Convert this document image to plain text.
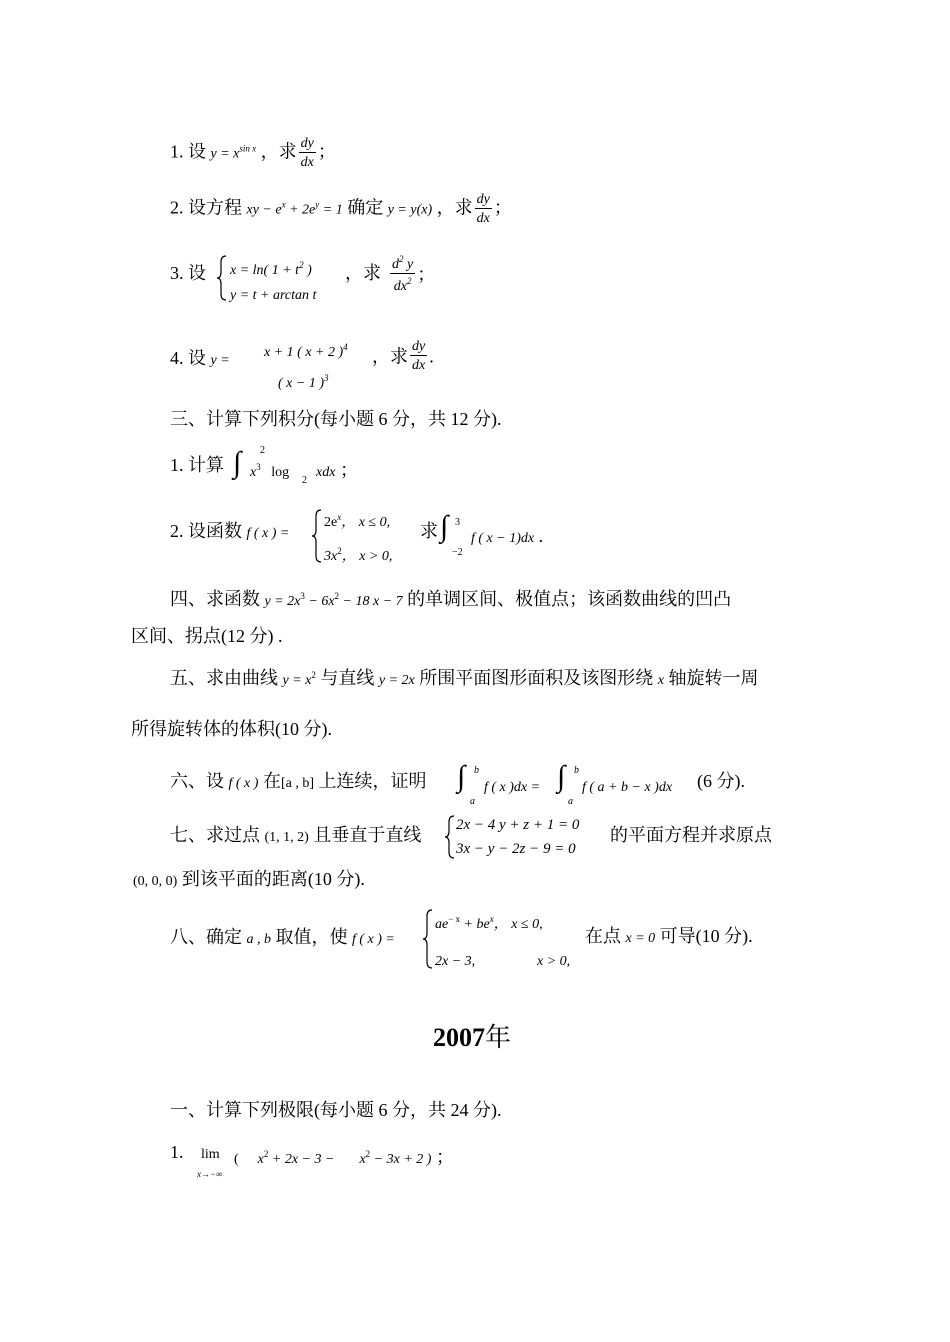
1. 设 $y = x^{sin x}$ ，求 $\frac{dy}{dx}$ ；
2. 设方程 xy − $e^x + 2e^y = 1$ 确定 y = y(x) ，求 $\frac{dy}{dx}$ ；
3. 设 x = ln( $1 + t^2$ )
y = t + arctan t
，求 $\frac{d^2 y}{dx^2}$ ；
4. 设 y =
x + 1 ( x + 2 )$^4$
( x − 1 )$^3$
，求 $\frac{dy}{dx}$ .
三、计算下列积分(每小题 6 分，共 12 分).
1. 计算 ∫ 2
$x^3$ log
2
xdx ；
2. 设函数 f ( x ) =
$2e^x$， x ≤ 0,
$3x^2$， x > 0,
求 ∫ 3
−2
f ( x − 1)dx .
四、求函数 $y = 2x^3 - 6x^2 - 18$ x − 7 的单调区间、极值点；该函数曲线的凹凸
区间、拐点(12 分) .
五、求由曲线 $y = x^2$ 与直线 y = 2x 所围平面图形面积及该图形绕 x 轴旋转一周
所得旋转体的体积(10 分).
六、设 f ( x ) 在[a , b] 上连续，证明 ∫ b
a
f ( x )dx = ∫ b
a
f ( a + b − x )dx (6 分).
七、求过点 (1, 1, 2) 且垂直于直线 2x − 4 y + z + 1 = 0
3x − y − 2z − 9 = 0
的平面方程并求原点
(0, 0, 0) 到该平面的距离(10 分).
八、确定 a , b 取值，使 f ( x ) =
$ae^{- x} + be^x$， x ≤ 0,
2x − 3,	x > 0,
在点 x = 0 可导(10 分).
2007年
一、计算下列极限(每小题 6 分，共 24 分).
1. lim
x→−∞
( $x^2 + 2x - 3 - x^2 - 3x + 2$ ) ；
